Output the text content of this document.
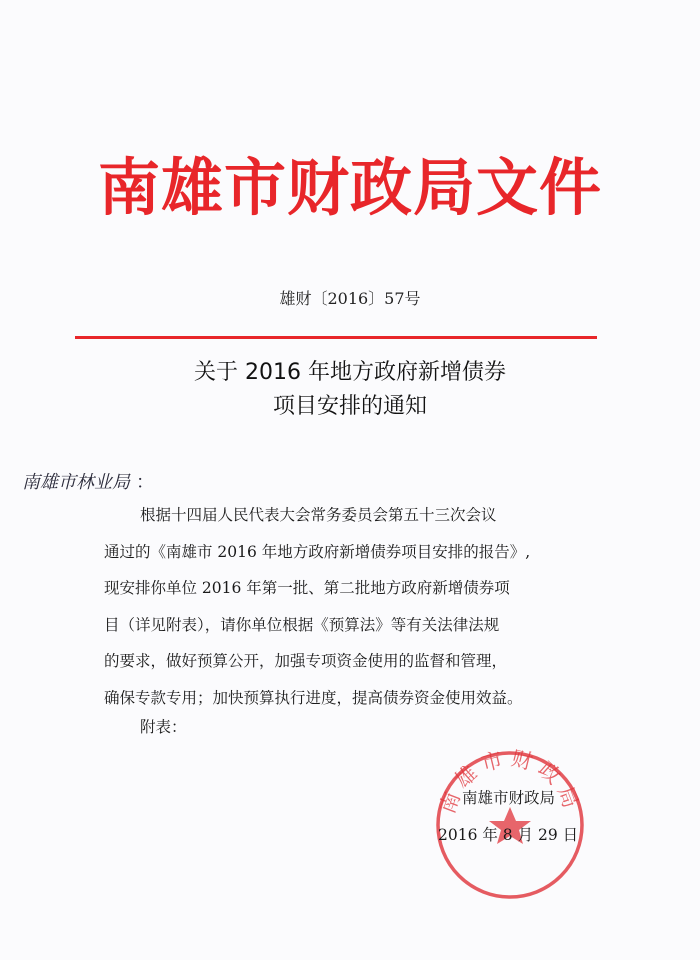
南雄市财政局文件
雄财〔2016〕57号
关于 2016 年地方政府新增债券
项目安排的通知
南雄市林业局 ：
根据十四届人民代表大会常务委员会第五十三次会议
通过的《南雄市 2016 年地方政府新增债券项目安排的报告》,
现安排你单位 2016 年第一批、第二批地方政府新增债券项
目（详见附表），请你单位根据《预算法》等有关法律法规
的要求，做好预算公开，加强专项资金使用的监督和管理，
确保专款专用；加快预算执行进度，提高债券资金使用效益。
附表：
南雄市财政局
南雄市财政局
2016 年 8 月 29 日
